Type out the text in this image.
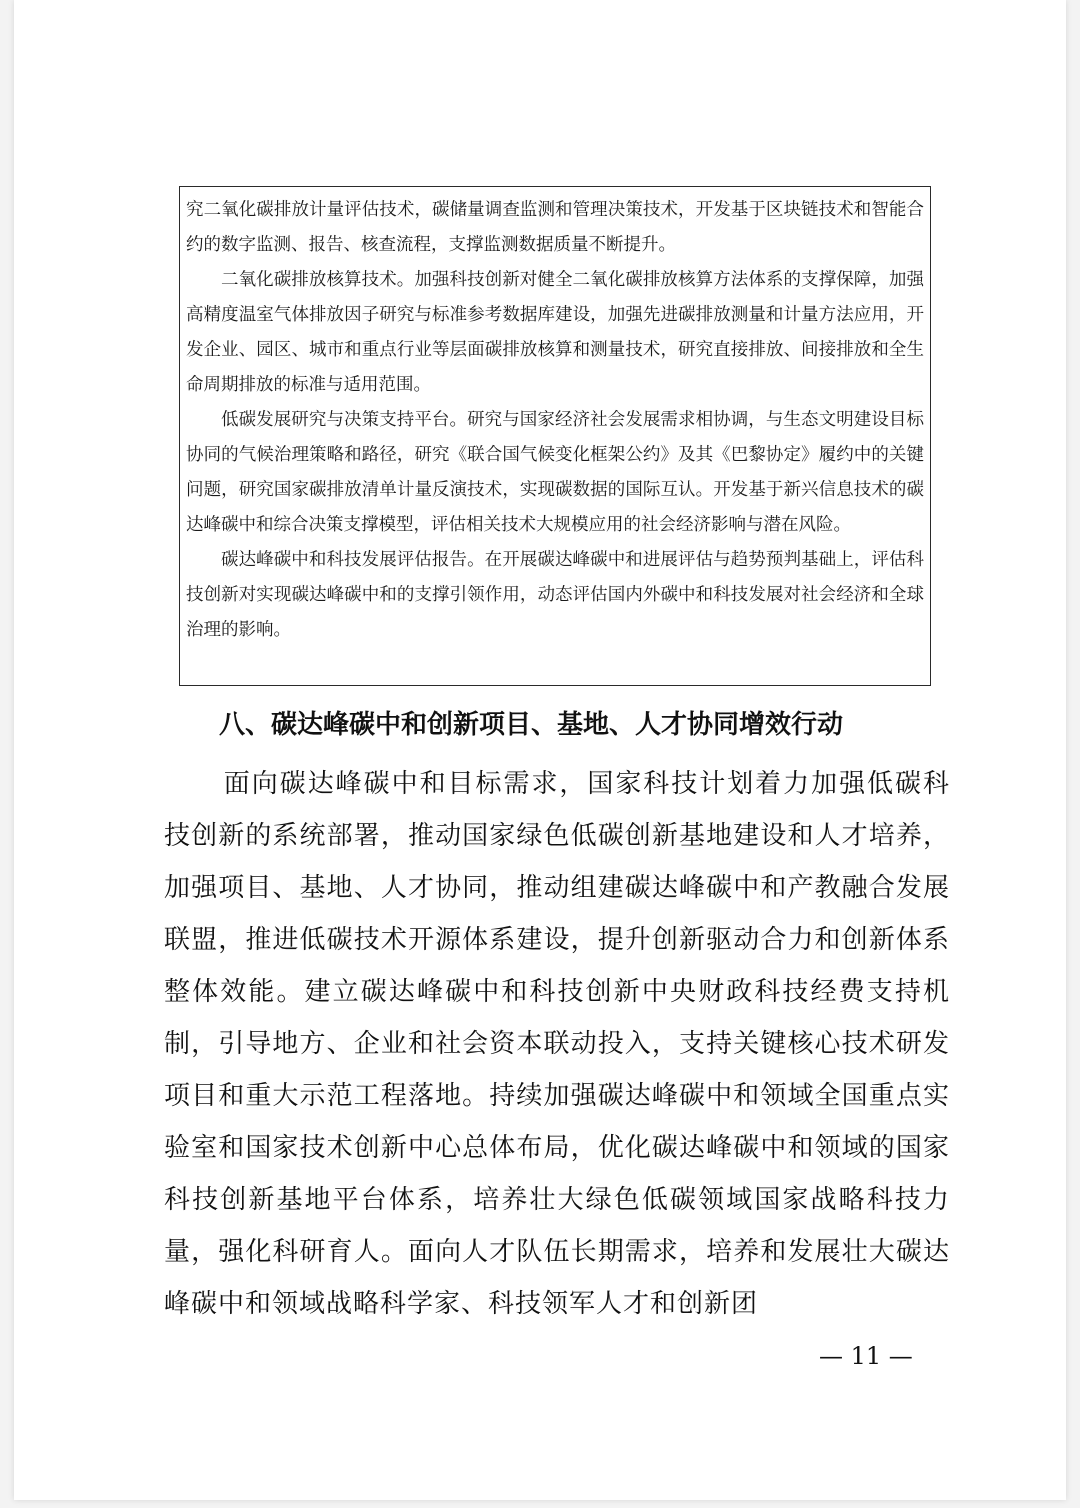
究二氧化碳排放计量评估技术，碳储量调查监测和管理决策技术，开发基于区块链技术和智能合约的数字监测、报告、核查流程，支撑监测数据质量不断提升。

二氧化碳排放核算技术。加强科技创新对健全二氧化碳排放核算方法体系的支撑保障，加强高精度温室气体排放因子研究与标准参考数据库建设，加强先进碳排放测量和计量方法应用，开发企业、园区、城市和重点行业等层面碳排放核算和测量技术，研究直接排放、间接排放和全生命周期排放的标准与适用范围。

低碳发展研究与决策支持平台。研究与国家经济社会发展需求相协调，与生态文明建设目标协同的气候治理策略和路径，研究《联合国气候变化框架公约》及其《巴黎协定》履约中的关键问题，研究国家碳排放清单计量反演技术，实现碳数据的国际互认。开发基于新兴信息技术的碳达峰碳中和综合决策支撑模型，评估相关技术大规模应用的社会经济影响与潜在风险。

碳达峰碳中和科技发展评估报告。在开展碳达峰碳中和进展评估与趋势预判基础上，评估科技创新对实现碳达峰碳中和的支撑引领作用，动态评估国内外碳中和科技发展对社会经济和全球治理的影响。

八、碳达峰碳中和创新项目、基地、人才协同增效行动

面向碳达峰碳中和目标需求，国家科技计划着力加强低碳科技创新的系统部署，推动国家绿色低碳创新基地建设和人才培养，加强项目、基地、人才协同，推动组建碳达峰碳中和产教融合发展联盟，推进低碳技术开源体系建设，提升创新驱动合力和创新体系整体效能。建立碳达峰碳中和科技创新中央财政科技经费支持机制，引导地方、企业和社会资本联动投入，支持关键核心技术研发项目和重大示范工程落地。持续加强碳达峰碳中和领域全国重点实验室和国家技术创新中心总体布局，优化碳达峰碳中和领域的国家科技创新基地平台体系，培养壮大绿色低碳领域国家战略科技力量，强化科研育人。面向人才队伍长期需求，培养和发展壮大碳达峰碳中和领域战略科学家、科技领军人才和创新团

— 11 —
